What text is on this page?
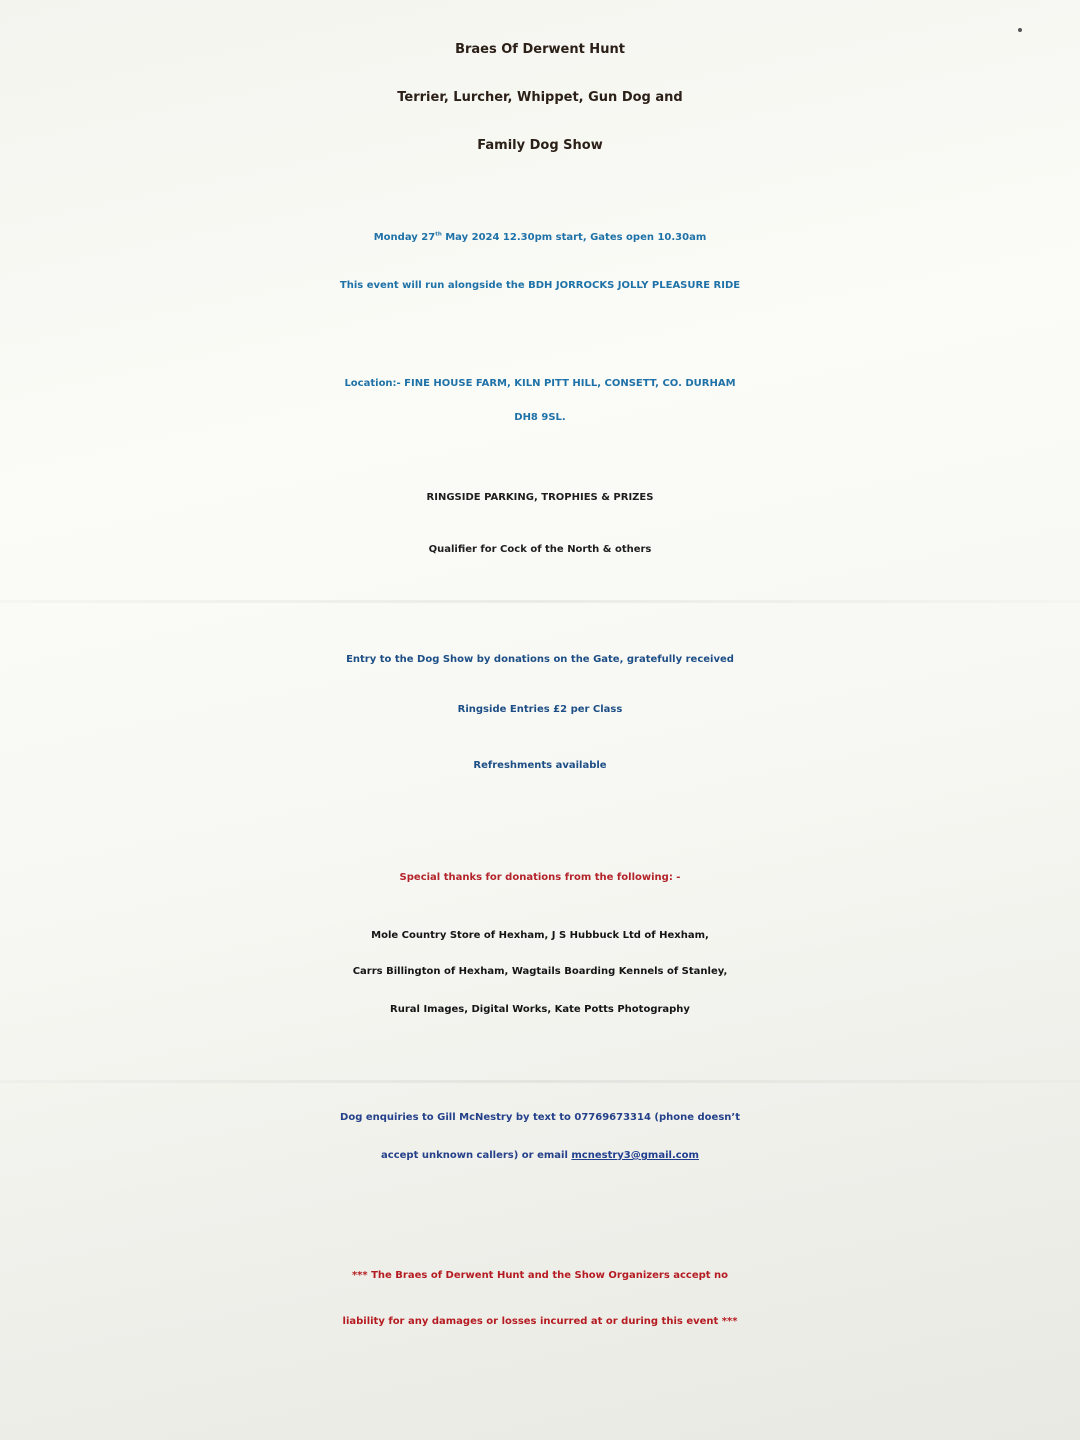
Braes Of Derwent Hunt
Terrier, Lurcher, Whippet, Gun Dog and
Family Dog Show
Monday 27th May 2024 12.30pm start, Gates open 10.30am
This event will run alongside the BDH JORROCKS JOLLY PLEASURE RIDE
Location:- FINE HOUSE FARM, KILN PITT HILL, CONSETT, CO. DURHAM
DH8 9SL.
RINGSIDE PARKING, TROPHIES & PRIZES
Qualifier for Cock of the North & others
Entry to the Dog Show by donations on the Gate, gratefully received
Ringside Entries £2 per Class
Refreshments available
Special thanks for donations from the following: -
Mole Country Store of Hexham, J S Hubbuck Ltd of Hexham,
Carrs Billington of Hexham, Wagtails Boarding Kennels of Stanley,
Rural Images, Digital Works, Kate Potts Photography
Dog enquiries to Gill McNestry by text to 07769673314 (phone doesn’t
accept unknown callers) or email mcnestry3@gmail.com
*** The Braes of Derwent Hunt and the Show Organizers accept no
liability for any damages or losses incurred at or during this event ***
